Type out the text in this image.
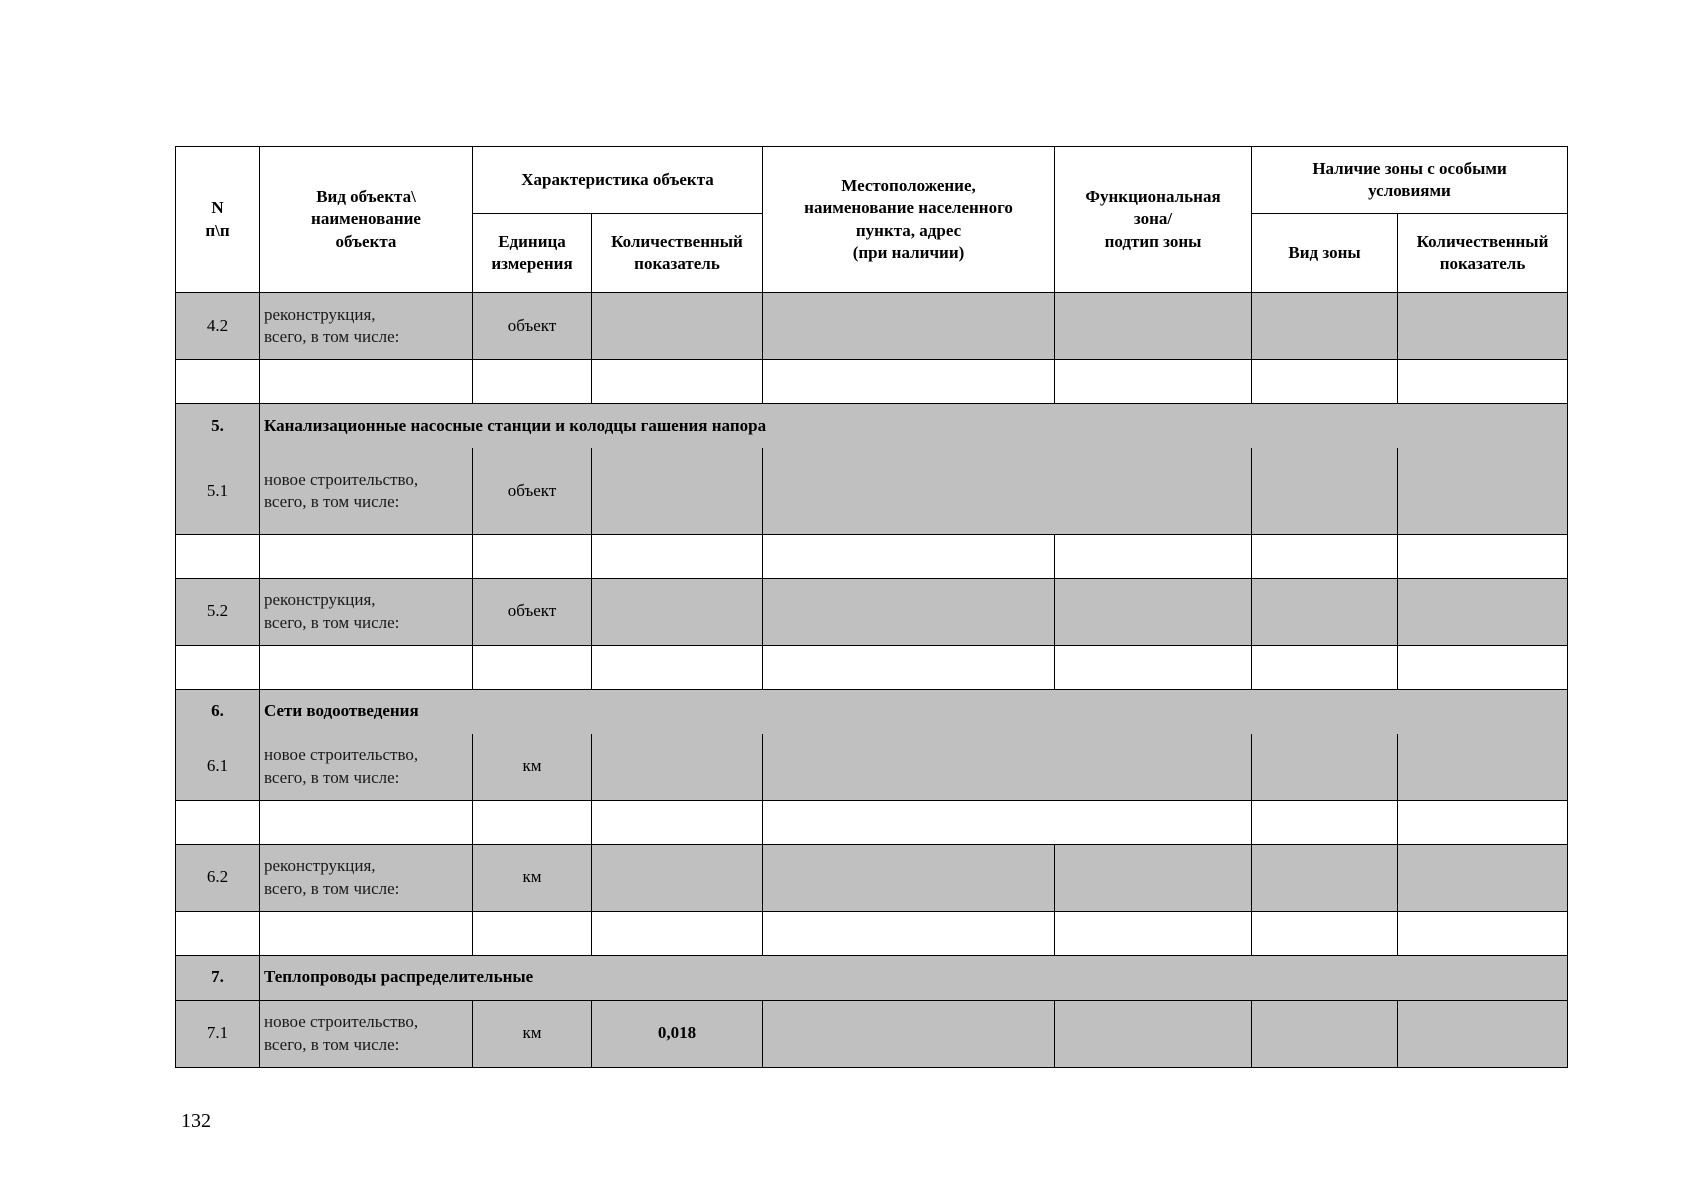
N
п\п	Вид объекта\
наименование
объекта	Характеристика объекта		Местоположение,
наименование населенного
пункта, адрес
(при наличии)	Функциональная
зона/
подтип зоны	Наличие зоны с особыми
условиями	
		Единица
измерения	Количественный
показатель			Вид зоны	Количественный
показатель
4.2	реконструкция,
всего, в том числе:	объект					

5.	Канализационные насосные станции и колодцы гашения напора						
5.1	новое строительство,
всего, в том числе:	объект					

5.2	реконструкция,
всего, в том числе:	объект					

6.	Сети водоотведения						
6.1	новое строительство,
всего, в том числе:	км					

6.2	реконструкция,
всего, в том числе:	км					

7.	Теплопроводы распределительные						
7.1	новое строительство,
всего, в том числе:	км	0,018				
132
